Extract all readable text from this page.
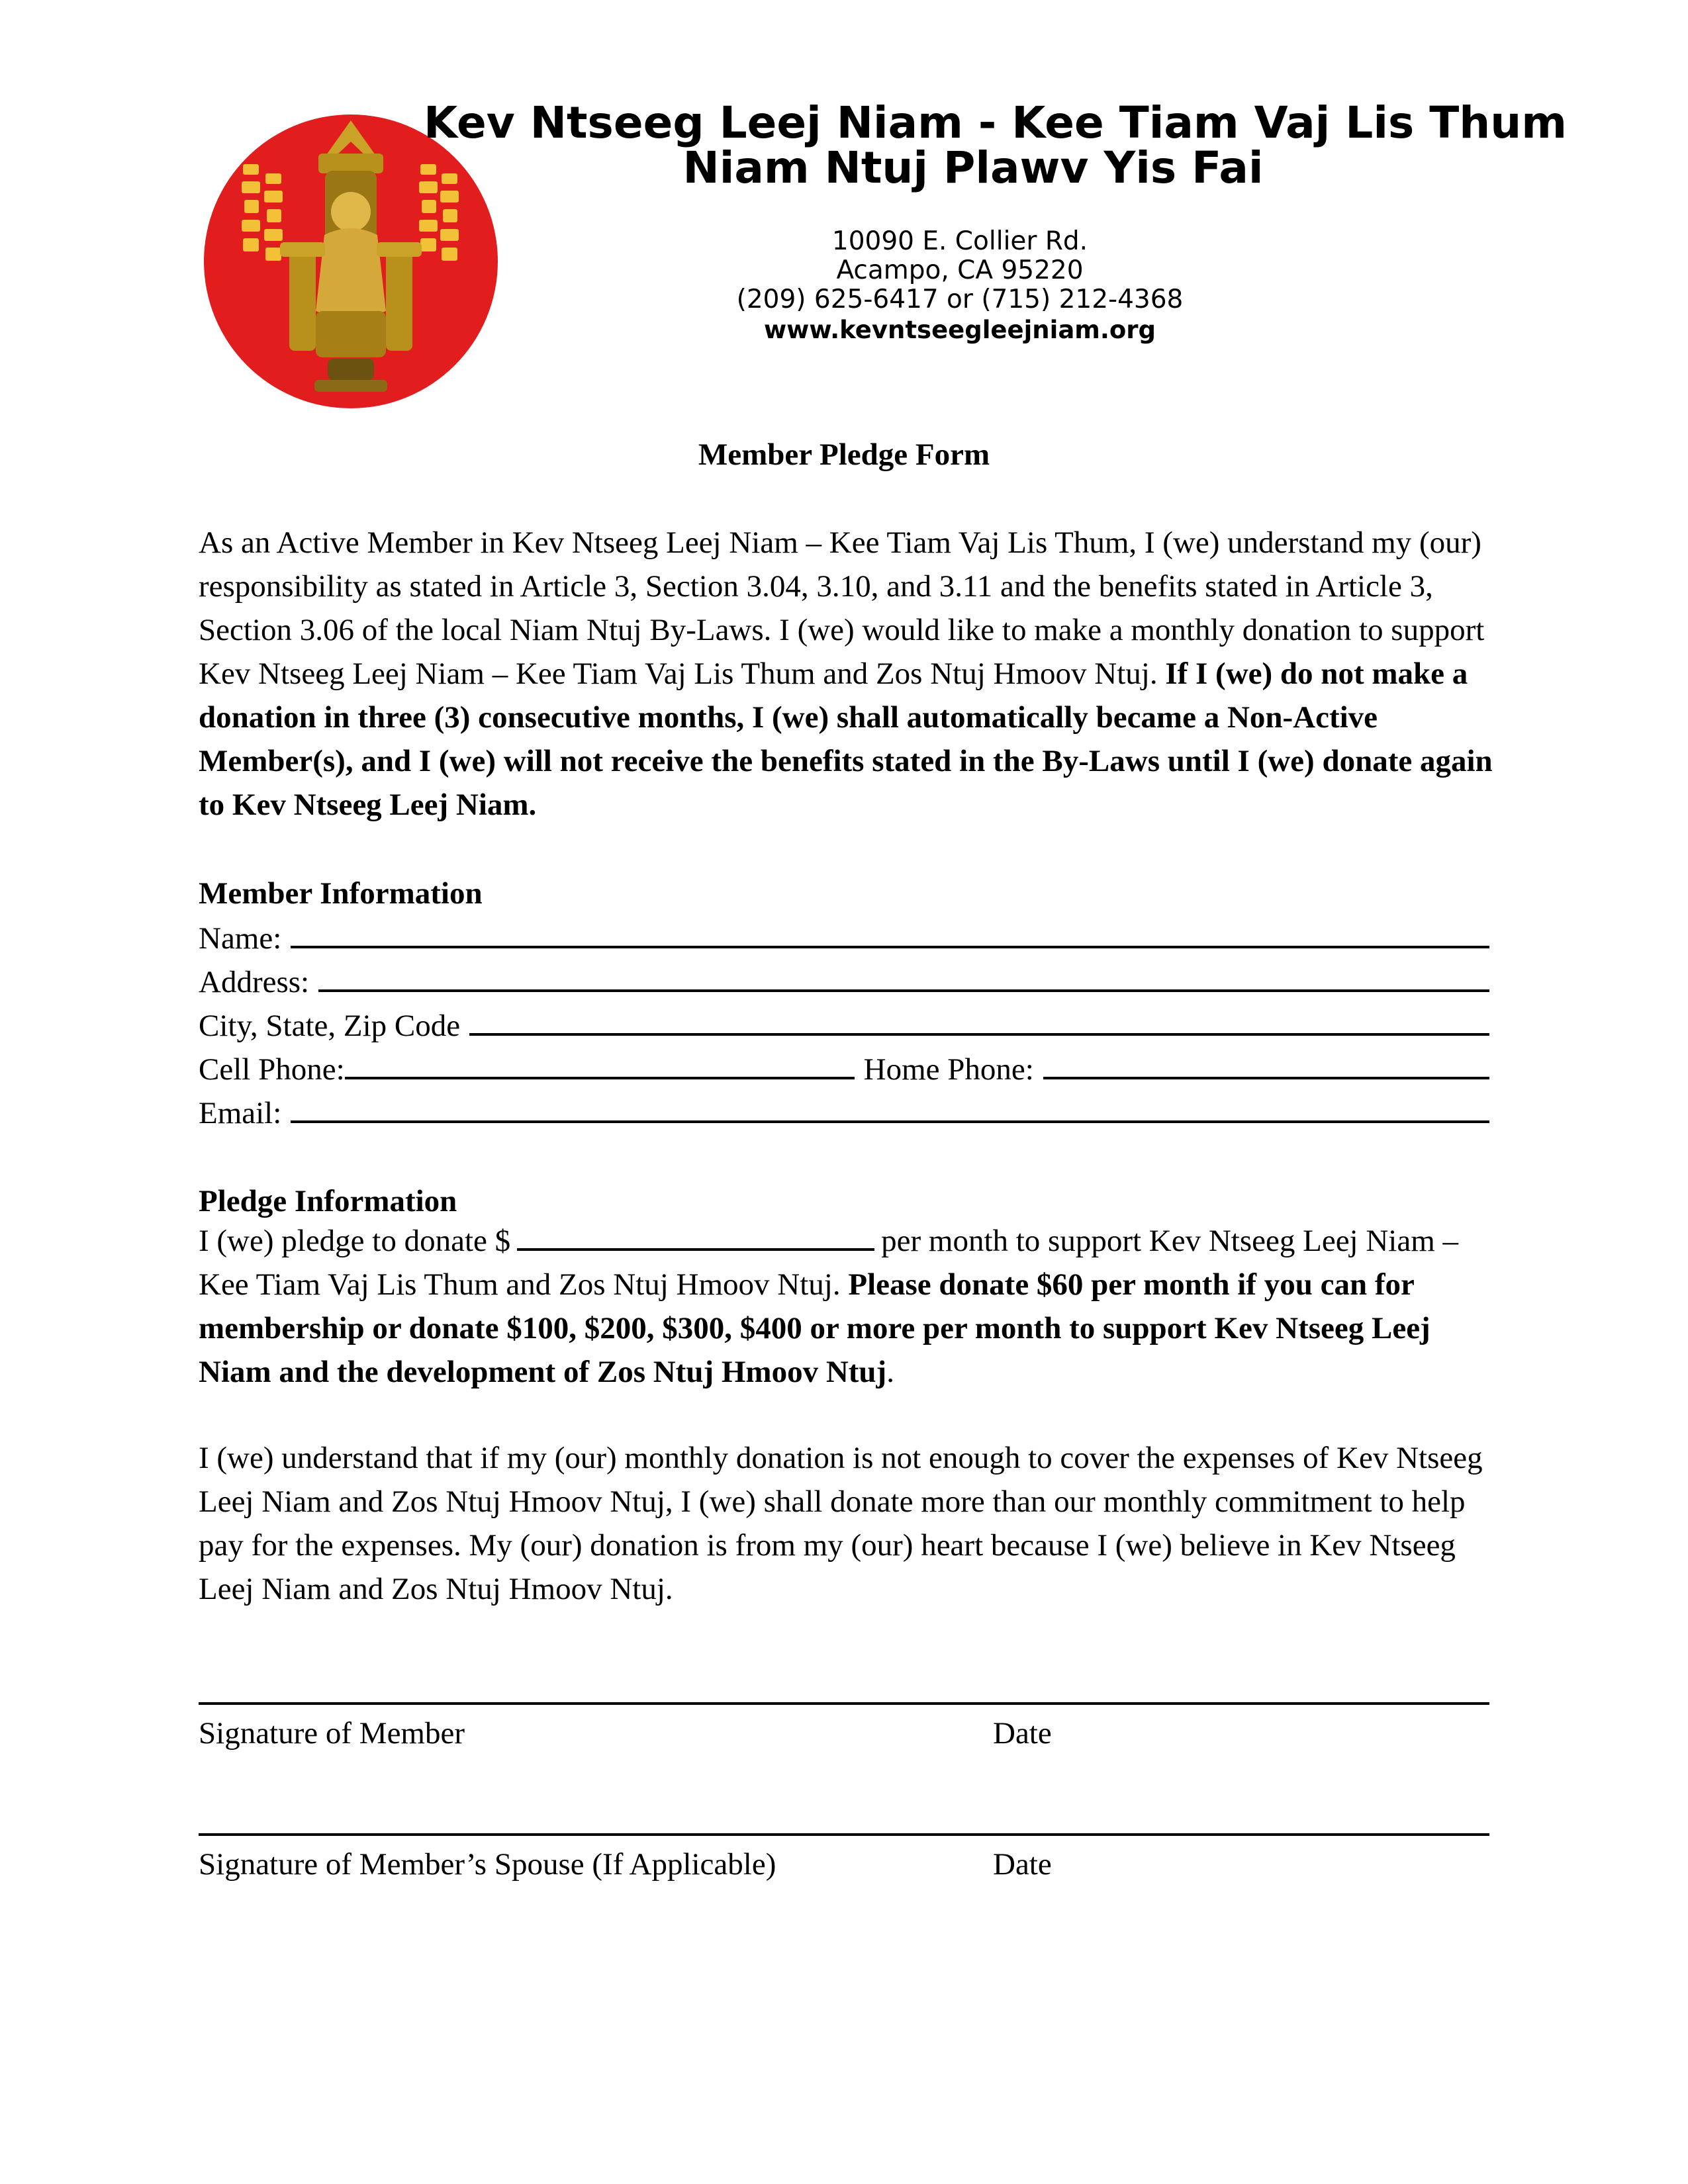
Kev Ntseeg Leej Niam - Kee Tiam Vaj Lis Thum
Niam Ntuj Plawv Yis Fai
10090 E. Collier Rd.
Acampo, CA 95220
(209) 625-6417 or (715) 212-4368
www.kevntseegleejniam.org
Member Pledge Form

As an Active Member in Kev Ntseeg Leej Niam – Kee Tiam Vaj Lis Thum, I (we) understand my (our) responsibility as stated in Article 3, Section 3.04, 3.10, and 3.11 and the benefits stated in Article 3, Section 3.06 of the local Niam Ntuj By-Laws. I (we) would like to make a monthly donation to support Kev Ntseeg Leej Niam – Kee Tiam Vaj Lis Thum and Zos Ntuj Hmoov Ntuj. If I (we) do not make a donation in three (3) consecutive months, I (we) shall automatically became a Non-Active Member(s), and I (we) will not receive the benefits stated in the By-Laws until I (we) donate again to Kev Ntseeg Leej Niam.

Member Information
Name:
Address:
City, State, Zip Code
Cell Phone:	Home Phone:
Email:
Pledge Information

I (we) pledge to donate $	per month to support Kev Ntseeg Leej Niam – Kee Tiam Vaj Lis Thum and Zos Ntuj Hmoov Ntuj. Please donate $60 per month if you can for membership or donate $100, $200, $300, $400 or more per month to support Kev Ntseeg Leej Niam and the development of Zos Ntuj Hmoov Ntuj.

I (we) understand that if my (our) monthly donation is not enough to cover the expenses of Kev Ntseeg Leej Niam and Zos Ntuj Hmoov Ntuj, I (we) shall donate more than our monthly commitment to help pay for the expenses. My (our) donation is from my (our) heart because I (we) believe in Kev Ntseeg Leej Niam and Zos Ntuj Hmoov Ntuj.

Signature of Member	Date
Signature of Member’s Spouse (If Applicable)	Date
